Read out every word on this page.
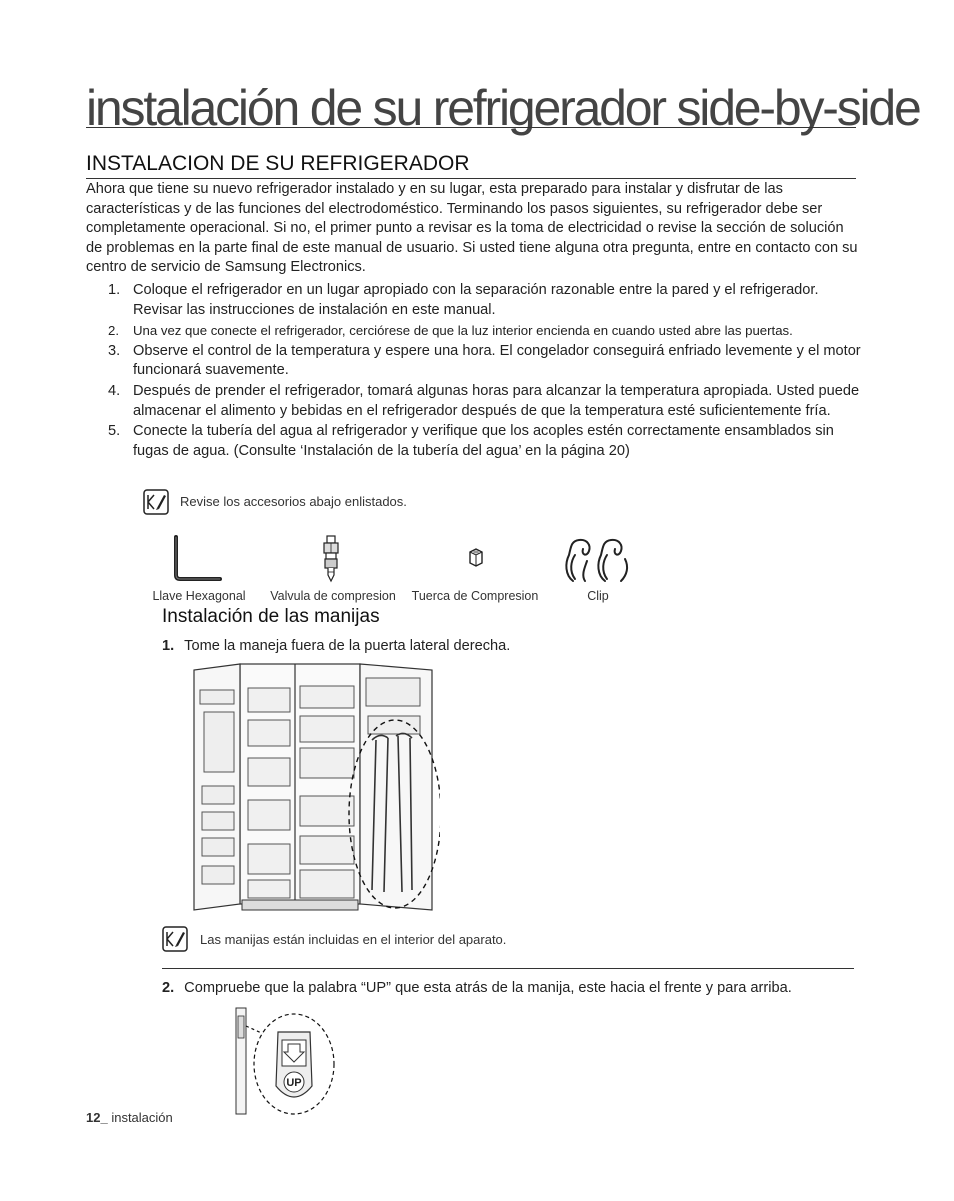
instalación de su refrigerador side-by-side
INSTALACION DE SU REFRIGERADOR
Ahora que tiene su nuevo refrigerador instalado y en su lugar, esta preparado para instalar y disfrutar de las características y de las funciones del electrodoméstico. Terminando los pasos siguientes, su refrigerador debe ser completamente operacional. Si no, el primer punto a revisar es la toma de electricidad o revise la sección de solución de problemas en la parte final de este manual de usuario. Si usted tiene alguna otra pregunta, entre en contacto con su centro de servicio de Samsung Electronics.
1. Coloque el refrigerador en un lugar apropiado con la separación razonable entre la pared y el refrigerador. Revisar las instrucciones de instalación en este manual.
2. Una vez que conecte el refrigerador, cerciórese de que la luz interior encienda en cuando usted abre las puertas.
3. Observe el control de la temperatura y espere una hora. El congelador conseguirá enfriado levemente y el motor funcionará suavemente.
4. Después de prender el refrigerador, tomará algunas horas para alcanzar la temperatura apropiada. Usted puede almacenar el alimento y bebidas en el refrigerador después de que la temperatura esté suficientemente fría.
5. Conecte la tubería del agua al refrigerador y verifique que los acoples estén correctamente ensamblados sin fugas de agua. (Consulte ‘Instalación de la tubería del agua’ en la página 20)
Revise los accesorios abajo enlistados.
Llave Hexagonal	Valvula de compresion	Tuerca de Compresion	Clip
Instalación de las manijas
1. Tome la maneja fuera de la puerta lateral derecha.
Las manijas están incluidas en el interior del aparato.
2. Compruebe que la palabra “UP” que esta atrás de la manija, este hacia el frente y para arriba.
UP
12_ instalación
